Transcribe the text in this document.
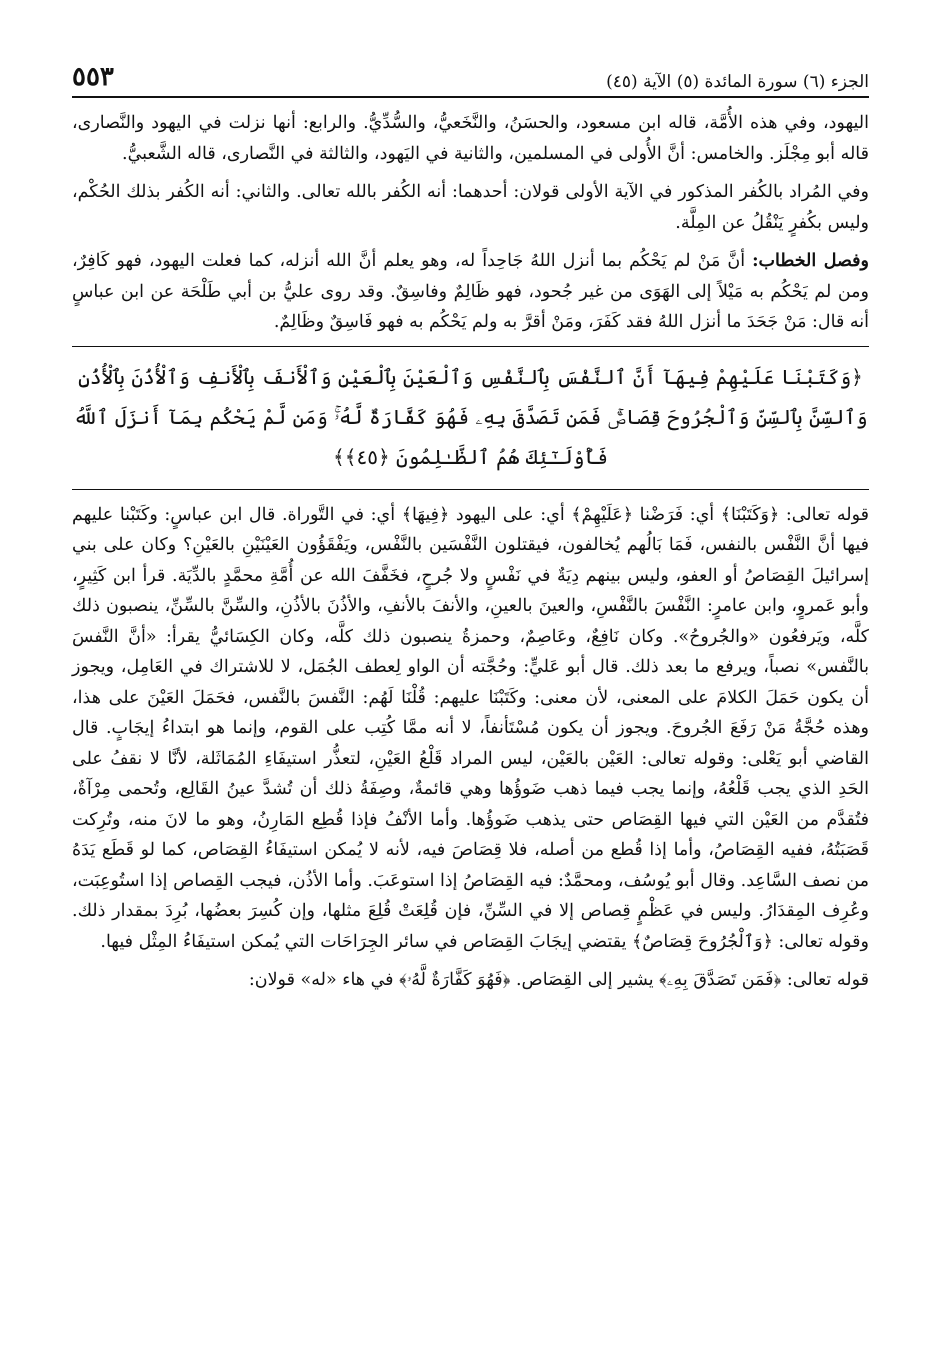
الجزء (٦) سورة المائدة (٥) الآية (٤٥)
٥٥٣

اليهود، وفي هذه الأُمَّة، قاله ابن مسعود، والحسَنُ، والنَّخَعيُّ، والسُّدِّيُّ. والرابع: أنها نزلت في اليهود والنَّصارى، قاله أبو مِجْلَز. والخامس: أنَّ الأُولى في المسلمين، والثانية في اليَهود، والثالثة في النَّصارى، قاله الشَّعبيُّ.

وفي المُراد بالكُفر المذكور في الآية الأولى قولان: أحدهما: أنه الكُفر بالله تعالى. والثاني: أنه الكُفر بذلك الحُكْم، وليس بكُفرٍ يَنْقُلُ عن المِلَّة.

وفصل الخطاب: أنَّ مَنْ لم يَحْكُم بما أنزل اللهُ جَاحِداً له، وهو يعلم أنَّ الله أنزله، كما فعلت اليهود، فهو كَافِرٌ، ومن لم يَحْكُم به مَيْلاً إلى الهَوَى من غير جُحود، فهو ظَالِمٌ وفاسِقٌ. وقد روى عليُّ بن أبي طَلْحَة عن ابن عباسٍ أنه قال: مَنْ جَحَدَ ما أنزل اللهُ فقد كَفَرَ، ومَنْ أقرَّ به ولم يَحْكُم به فهو فَاسِقٌ وظَالِمٌ.

﴿وَكَتَبْنَا عَلَيْهِمْ فِيهَآ أَنَّ ٱلنَّفْسَ بِٱلنَّفْسِ وَٱلْعَيْنَ بِٱلْعَيْنِ وَٱلْأَنفَ بِٱلْأَنفِ وَٱلْأُذُنَ بِٱلْأُذُنِ وَٱلسِّنَّ بِٱلسِّنِّ وَٱلْجُرُوحَ قِصَاصٌۚ فَمَن تَصَدَّقَ بِهِۦ فَهُوَ كَفَّارَةٌ لَّهُۥۚ وَمَن لَّمْ يَحْكُم بِمَآ أَنزَلَ ٱللَّهُ فَأُوْلَـٰٓئِكَ هُمُ ٱلظَّـٰلِمُونَ ﴿٤٥﴾﴾

قوله تعالى: ﴿وَكَتَبْنَا﴾ أي: فَرَضْنا ﴿عَلَيْهِمْ﴾ أي: على اليهود ﴿فِيهَا﴾ أي: في التَّوراة. قال ابن عباسٍ: وكَتَبْنا عليهم فيها أنَّ النَّفْس بالنفس، فَمَا بَالُهم يُخالفون، فيقتلون النَّفْسَين بالنَّفْس، ويَفْقَؤُون العَيْنَيْنِ بالعَيْنِ؟ وكان على بني إسرائيلَ القِصَاصُ أو العفو، وليس بينهم دِيَةٌ في نَفْسٍ ولا جُرحٍ، فخَفَّفَ الله عن أُمَّةِ محمَّدٍ بالدِّيَة. قرأ ابن كَثِيرٍ، وأبو عَمروٍ، وابن عامرٍ: النَّفْسَ بالنَّفْسِ، والعينَ بالعينِ، والأنفَ بالأنفِ، والأذُنَ بالأذُنِ، والسِّنَّ بالسِّنِّ، ينصبون ذلك كلَّه، ويَرفعُون «والجُروحُ». وكان نَافِعٌ، وعَاصِمٌ، وحمزةُ ينصبون ذلك كلَّه، وكان الكِسَائيُّ يقرأ: «أنَّ النَّفسَ بالنَّفس» نصباً، ويرفع ما بعد ذلك. قال أبو عَليٍّ: وحُجَّته أن الواو لِعطف الجُمَل، لا للاشتراك في العَامِل، ويجوز أن يكون حَمَلَ الكلامَ على المعنى، لأن معنى: وكَتَبْنَا عليهم: قُلْنَا لَهُم: النَّفسَ بالنَّفس، فحَمَلَ العَيْنَ على هذا، وهذه حُجَّةُ مَنْ رَفَعَ الجُروحَ. ويجوز أن يكون مُسْتَأنفاً، لا أنه ممَّا كُتِب على القوم، وإنما هو ابتداءُ إيجَابٍ. قال القاضي أبو يَعْلى: وقوله تعالى: العَيْن بالعَيْن، ليس المراد قَلْعُ العَيْنِ، لتعذُّر استيفَاءِ المُمَاثَلة، لأنَّا لا نقفُ على الحَدِ الذي يجب قَلْعُهُ، وإنما يجب فيما ذهب ضَوؤُها وهي قائمةٌ، وصِفَةُ ذلك أن تُشدَّ عينُ القَالِع، وتُحمى مِرْآةٌ، فتُقدَّم من العَيْن التي فيها القِصَاص حتى يذهب ضَوؤُها. وأما الأنْفُ فإذا قُطِع المَارِنُ، وهو ما لانَ منه، وتُرِكت قَصَبَتُهُ، ففيه القِصَاصُ، وأما إذا قُطع من أصله، فلا قِصَاصَ فيه، لأنه لا يُمكن استيفَاءُ القِصَاص، كما لو قَطَع يَدَهُ من نصف السَّاعِد. وقال أبو يُوسُف، ومحمَّدٌ: فيه القِصَاصُ إذا استوعَبَ. وأما الأذُن، فيجب القِصاص إذا استُوعِبَت، وعُرِف المِقدَارُ. وليس في عَظْمٍ قِصاص إلا في السِّنِّ، فإن قُلِعَتْ قُلِعَ مثلها، وإن كُسِرَ بعضُها، بُرِدَ بمقدار ذلك. وقوله تعالى: ﴿وَٱلْجُرُوحَ قِصَاصٌ﴾ يقتضي إيجَابَ القِصَاص في سائر الجِرَاحَات التي يُمكن استيفَاءُ المِثْل فيها.

قوله تعالى: ﴿فَمَن تَصَدَّقَ بِهِۦ﴾ يشير إلى القِصَاص. ﴿فَهُوَ كَفَّارَةٌ لَّهُۥ﴾ في هاء «له» قولان:
